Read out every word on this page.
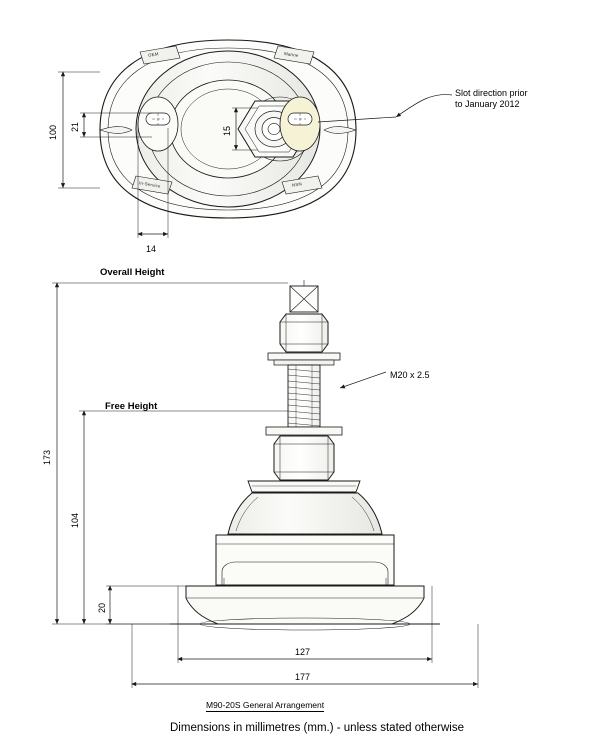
100 21	15
14
Slot direction prior
to January 2012
OEM	Marine
In-Service	NSN
Overall Height
Free Height
M20 x 2.5
173
104
20
127
177
M90-20S General Arrangement
Dimensions in millimetres (mm.) - unless stated otherwise
